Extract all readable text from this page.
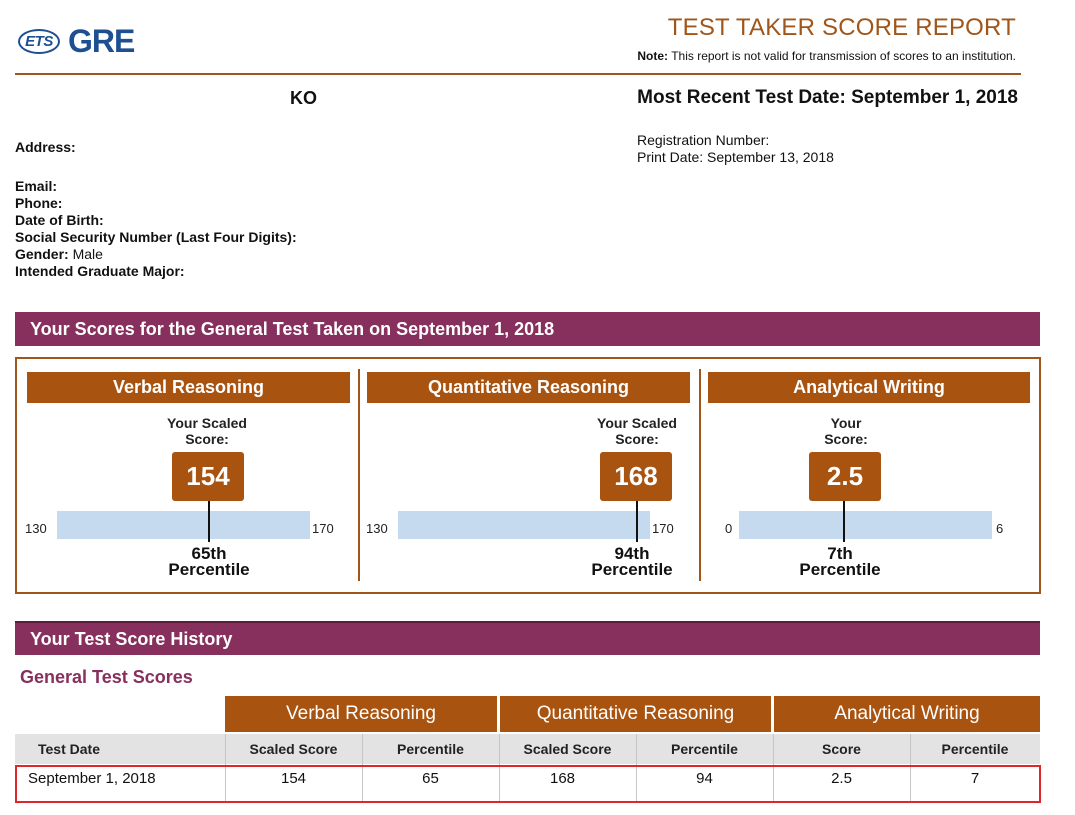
ETS GRE	TEST TAKER SCORE REPORT
Note: This report is not valid for transmission of scores to an institution.
KO	Most Recent Test Date: September 1, 2018
Registration Number:
Print Date: September 13, 2018
Address:
Email:
Phone:
Date of Birth:
Social Security Number (Last Four Digits):
Gender: Male
Intended Graduate Major:
Your Scores for the General Test Taken on September 1, 2018
Verbal Reasoning
Your Scaled
Score:
154
130	170
65th
Percentile
Quantitative Reasoning
Your Scaled
Score:
168
130	170
94th
Percentile
Analytical Writing
Your
Score:
2.5
0	6
7th
Percentile
Your Test Score History
General Test Scores
Verbal Reasoning	Quantitative Reasoning	Analytical Writing
Test Date	Scaled Score	Percentile	Scaled Score	Percentile	Score	Percentile
September 1, 2018	154	65	168	94	2.5	7
